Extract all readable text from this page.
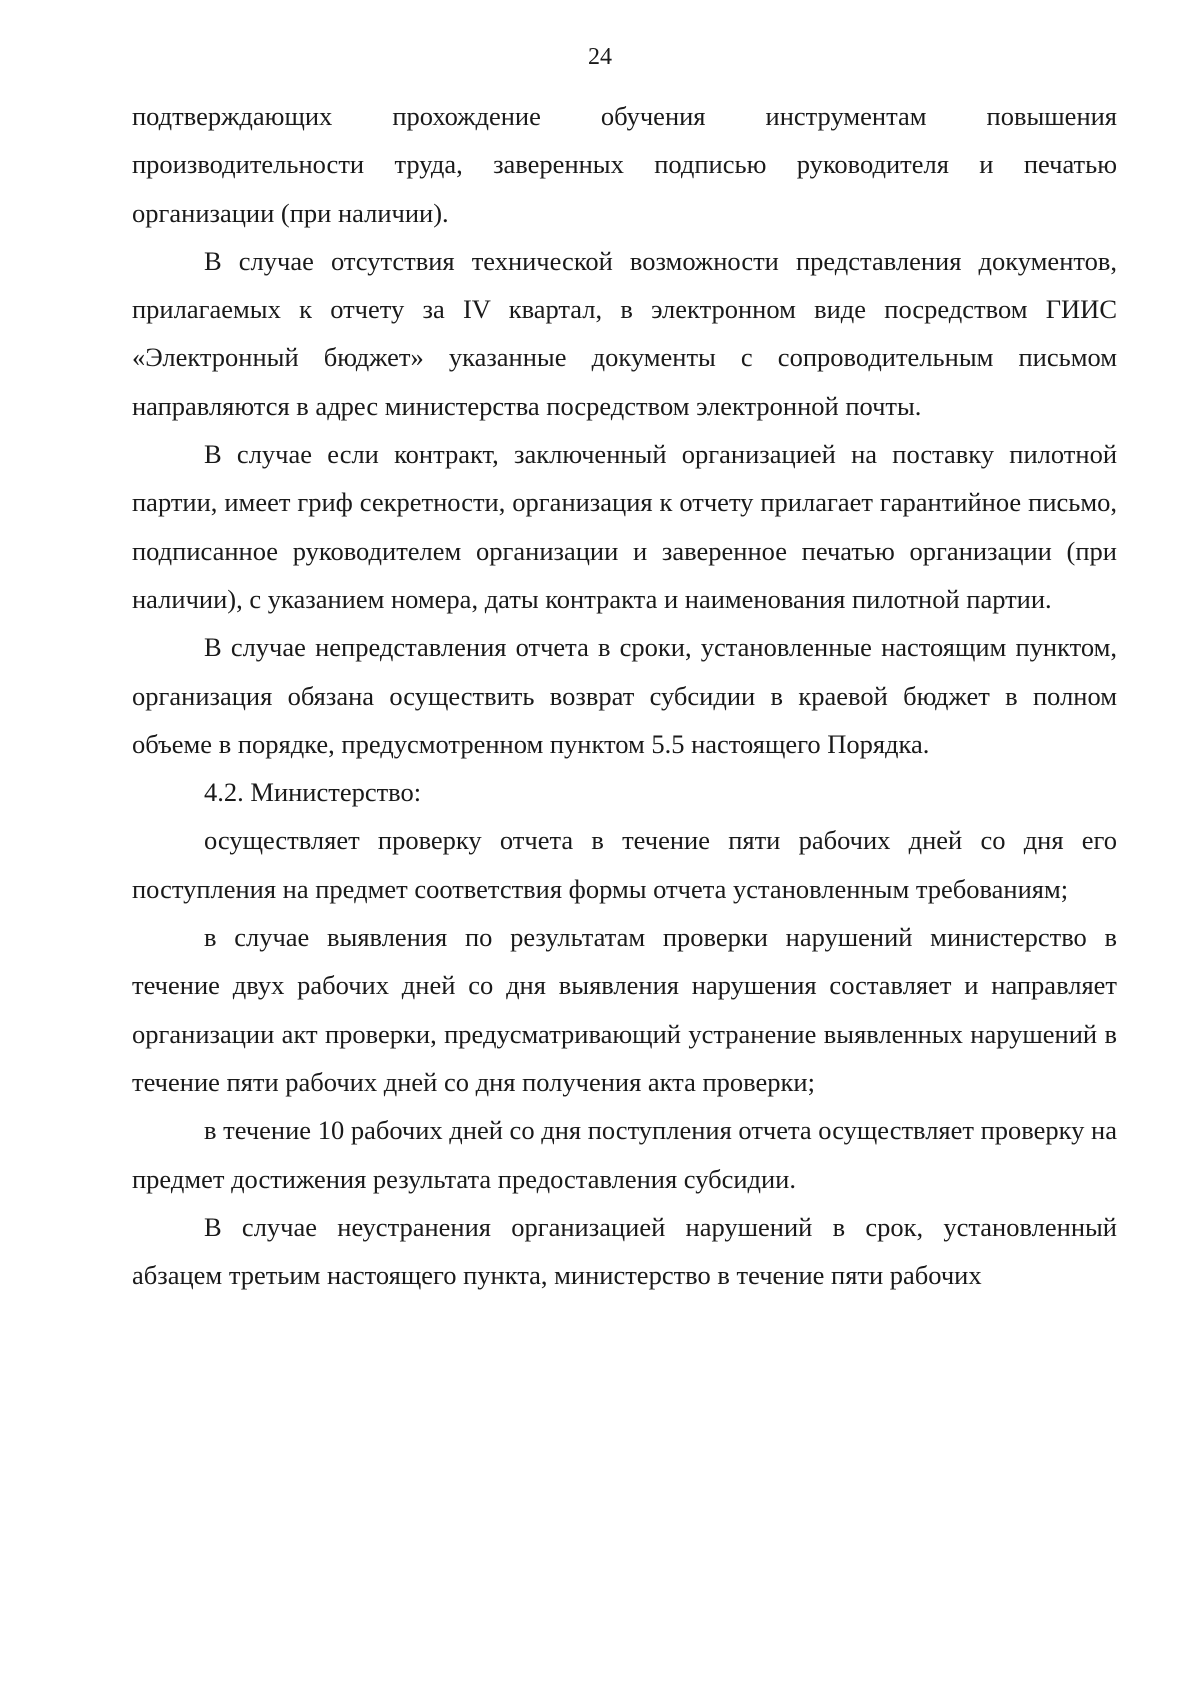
24

подтверждающих прохождение обучения инструментам повышения производительности труда, заверенных подписью руководителя и печатью организации (при наличии).

В случае отсутствия технической возможности представления документов, прилагаемых к отчету за IV квартал, в электронном виде посредством ГИИС «Электронный бюджет» указанные документы с сопроводительным письмом направляются в адрес министерства посредством электронной почты.

В случае если контракт, заключенный организацией на поставку пилотной партии, имеет гриф секретности, организация к отчету прилагает гарантийное письмо, подписанное руководителем организации и заверенное печатью организации (при наличии), с указанием номера, даты контракта и наименования пилотной партии.

В случае непредставления отчета в сроки, установленные настоящим пунктом, организация обязана осуществить возврат субсидии в краевой бюджет в полном объеме в порядке, предусмотренном пунктом 5.5 настоящего Порядка.

4.2. Министерство:

осуществляет проверку отчета в течение пяти рабочих дней со дня его поступления на предмет соответствия формы отчета установленным требованиям;

в случае выявления по результатам проверки нарушений министерство в течение двух рабочих дней со дня выявления нарушения составляет и направляет организации акт проверки, предусматривающий устранение выявленных нарушений в течение пяти рабочих дней со дня получения акта проверки;

в течение 10 рабочих дней со дня поступления отчета осуществляет проверку на предмет достижения результата предоставления субсидии.

В случае неустранения организацией нарушений в срок, установленный абзацем третьим настоящего пункта, министерство в течение пяти рабочих
